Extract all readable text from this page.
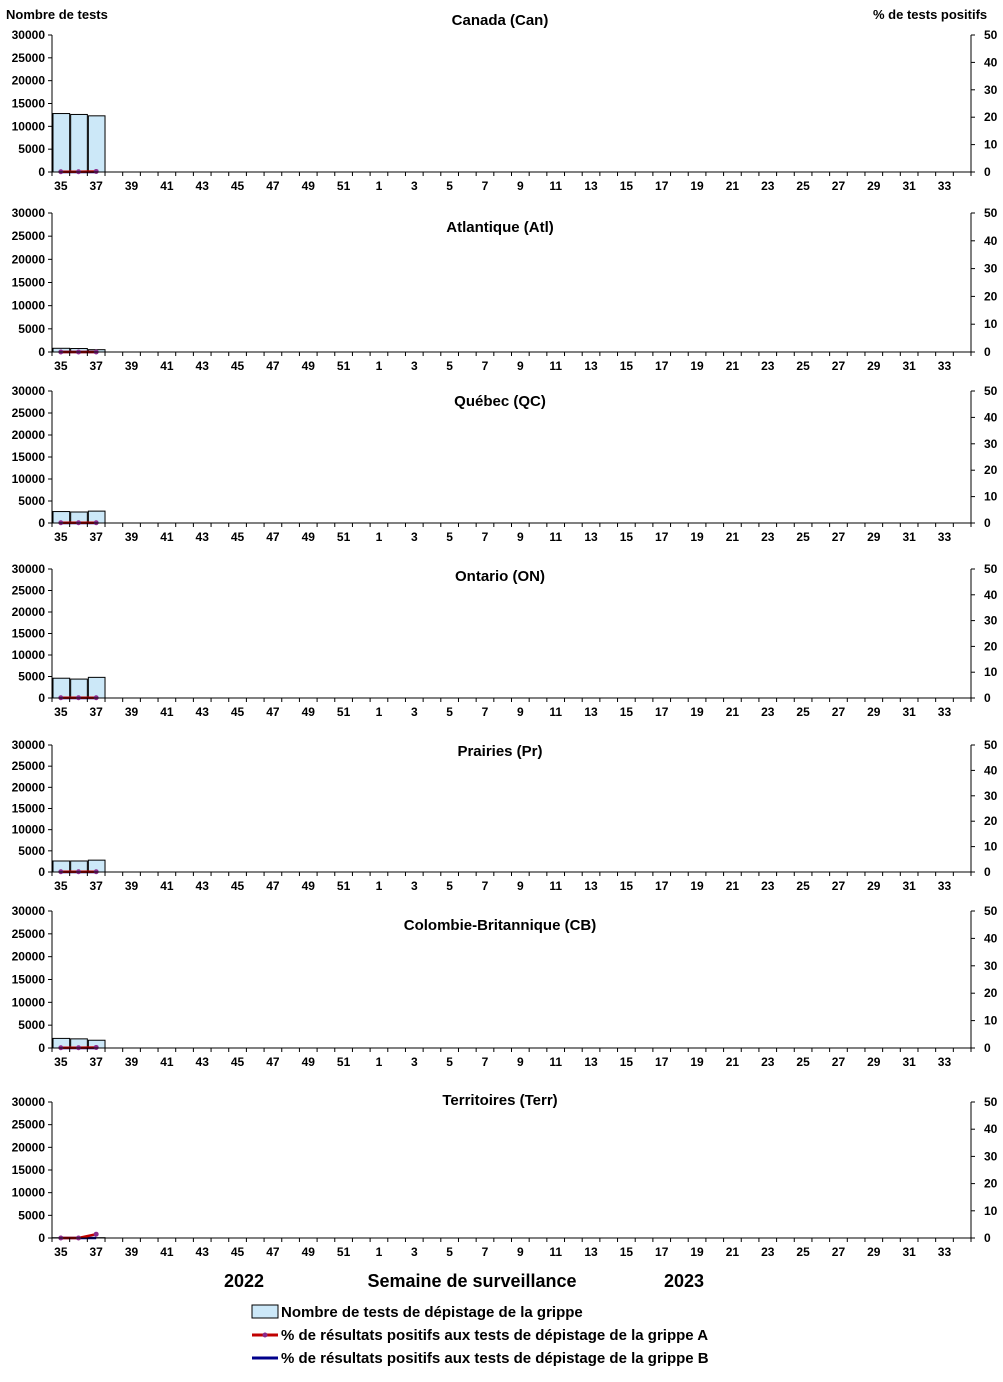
Nombre de tests	% de tests positifs
Canada (Can)
0
5000
10000
15000
20000
25000
30000
0
10
20
30
40
50
35 37 39 41 43 45 47 49 51 1 3 5 7 9 11 13 15 17 19 21 23 25 27 29 31 33
Atlantique (Atl)
0
5000
10000
15000
20000
25000
30000
0
10
20
30
40
50
35 37 39 41 43 45 47 49 51 1 3 5 7 9 11 13 15 17 19 21 23 25 27 29 31 33
Québec (QC)
0
5000
10000
15000
20000
25000
30000
0
10
20
30
40
50
35 37 39 41 43 45 47 49 51 1 3 5 7 9 11 13 15 17 19 21 23 25 27 29 31 33
Ontario (ON)
0
5000
10000
15000
20000
25000
30000
0
10
20
30
40
50
35 37 39 41 43 45 47 49 51 1 3 5 7 9 11 13 15 17 19 21 23 25 27 29 31 33
Prairies (Pr)
0
5000
10000
15000
20000
25000
30000
0
10
20
30
40
50
35 37 39 41 43 45 47 49 51 1 3 5 7 9 11 13 15 17 19 21 23 25 27 29 31 33
Colombie-Britannique (CB)
0
5000
10000
15000
20000
25000
30000
0
10
20
30
40
50
35 37 39 41 43 45 47 49 51 1 3 5 7 9 11 13 15 17 19 21 23 25 27 29 31 33
Territoires (Terr)
0
5000
10000
15000
20000
25000
30000
0
10
20
30
40
50
35 37 39 41 43 45 47 49 51 1 3 5 7 9 11 13 15 17 19 21 23 25 27 29 31 33
2022	Semaine de surveillance	2023
Nombre de tests de dépistage de la grippe
% de résultats positifs aux tests de dépistage de la grippe A
% de résultats positifs aux tests de dépistage de la grippe B
